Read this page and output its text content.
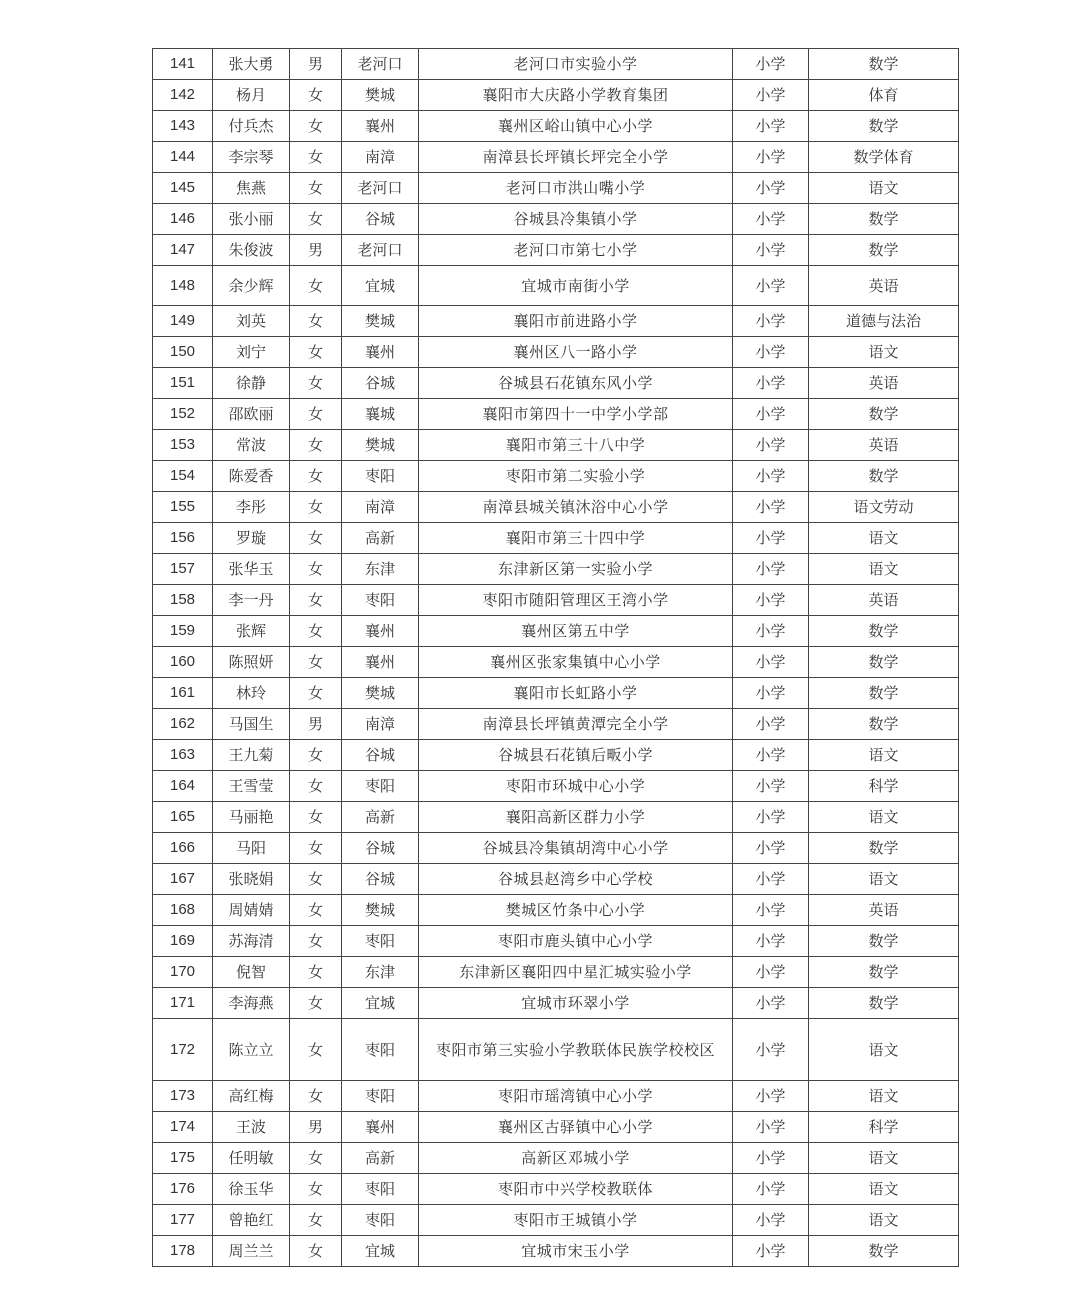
141	张大勇	男	老河口	老河口市实验小学	小学	数学
142	杨月	女	樊城	襄阳市大庆路小学教育集团	小学	体育
143	付兵杰	女	襄州	襄州区峪山镇中心小学	小学	数学
144	李宗琴	女	南漳	南漳县长坪镇长坪完全小学	小学	数学体育
145	焦燕	女	老河口	老河口市洪山嘴小学	小学	语文
146	张小丽	女	谷城	谷城县冷集镇小学	小学	数学
147	朱俊波	男	老河口	老河口市第七小学	小学	数学
148	余少辉	女	宜城	宜城市南街小学	小学	英语
149	刘英	女	樊城	襄阳市前进路小学	小学	道德与法治
150	刘宁	女	襄州	襄州区八一路小学	小学	语文
151	徐静	女	谷城	谷城县石花镇东风小学	小学	英语
152	邵欧丽	女	襄城	襄阳市第四十一中学小学部	小学	数学
153	常波	女	樊城	襄阳市第三十八中学	小学	英语
154	陈爱香	女	枣阳	枣阳市第二实验小学	小学	数学
155	李彤	女	南漳	南漳县城关镇沐浴中心小学	小学	语文劳动
156	罗璇	女	高新	襄阳市第三十四中学	小学	语文
157	张华玉	女	东津	东津新区第一实验小学	小学	语文
158	李一丹	女	枣阳	枣阳市随阳管理区王湾小学	小学	英语
159	张辉	女	襄州	襄州区第五中学	小学	数学
160	陈照妍	女	襄州	襄州区张家集镇中心小学	小学	数学
161	林玲	女	樊城	襄阳市长虹路小学	小学	数学
162	马国生	男	南漳	南漳县长坪镇黄潭完全小学	小学	数学
163	王九菊	女	谷城	谷城县石花镇后畈小学	小学	语文
164	王雪莹	女	枣阳	枣阳市环城中心小学	小学	科学
165	马丽艳	女	高新	襄阳高新区群力小学	小学	语文
166	马阳	女	谷城	谷城县冷集镇胡湾中心小学	小学	数学
167	张晓娟	女	谷城	谷城县赵湾乡中心学校	小学	语文
168	周婧婧	女	樊城	樊城区竹条中心小学	小学	英语
169	苏海清	女	枣阳	枣阳市鹿头镇中心小学	小学	数学
170	倪智	女	东津	东津新区襄阳四中星汇城实验小学	小学	数学
171	李海燕	女	宜城	宜城市环翠小学	小学	数学
172	陈立立	女	枣阳	枣阳市第三实验小学教联体民族学校校区	小学	语文
173	高红梅	女	枣阳	枣阳市瑶湾镇中心小学	小学	语文
174	王波	男	襄州	襄州区古驿镇中心小学	小学	科学
175	任明敏	女	高新	高新区邓城小学	小学	语文
176	徐玉华	女	枣阳	枣阳市中兴学校教联体	小学	语文
177	曾艳红	女	枣阳	枣阳市王城镇小学	小学	语文
178	周兰兰	女	宜城	宜城市宋玉小学	小学	数学
